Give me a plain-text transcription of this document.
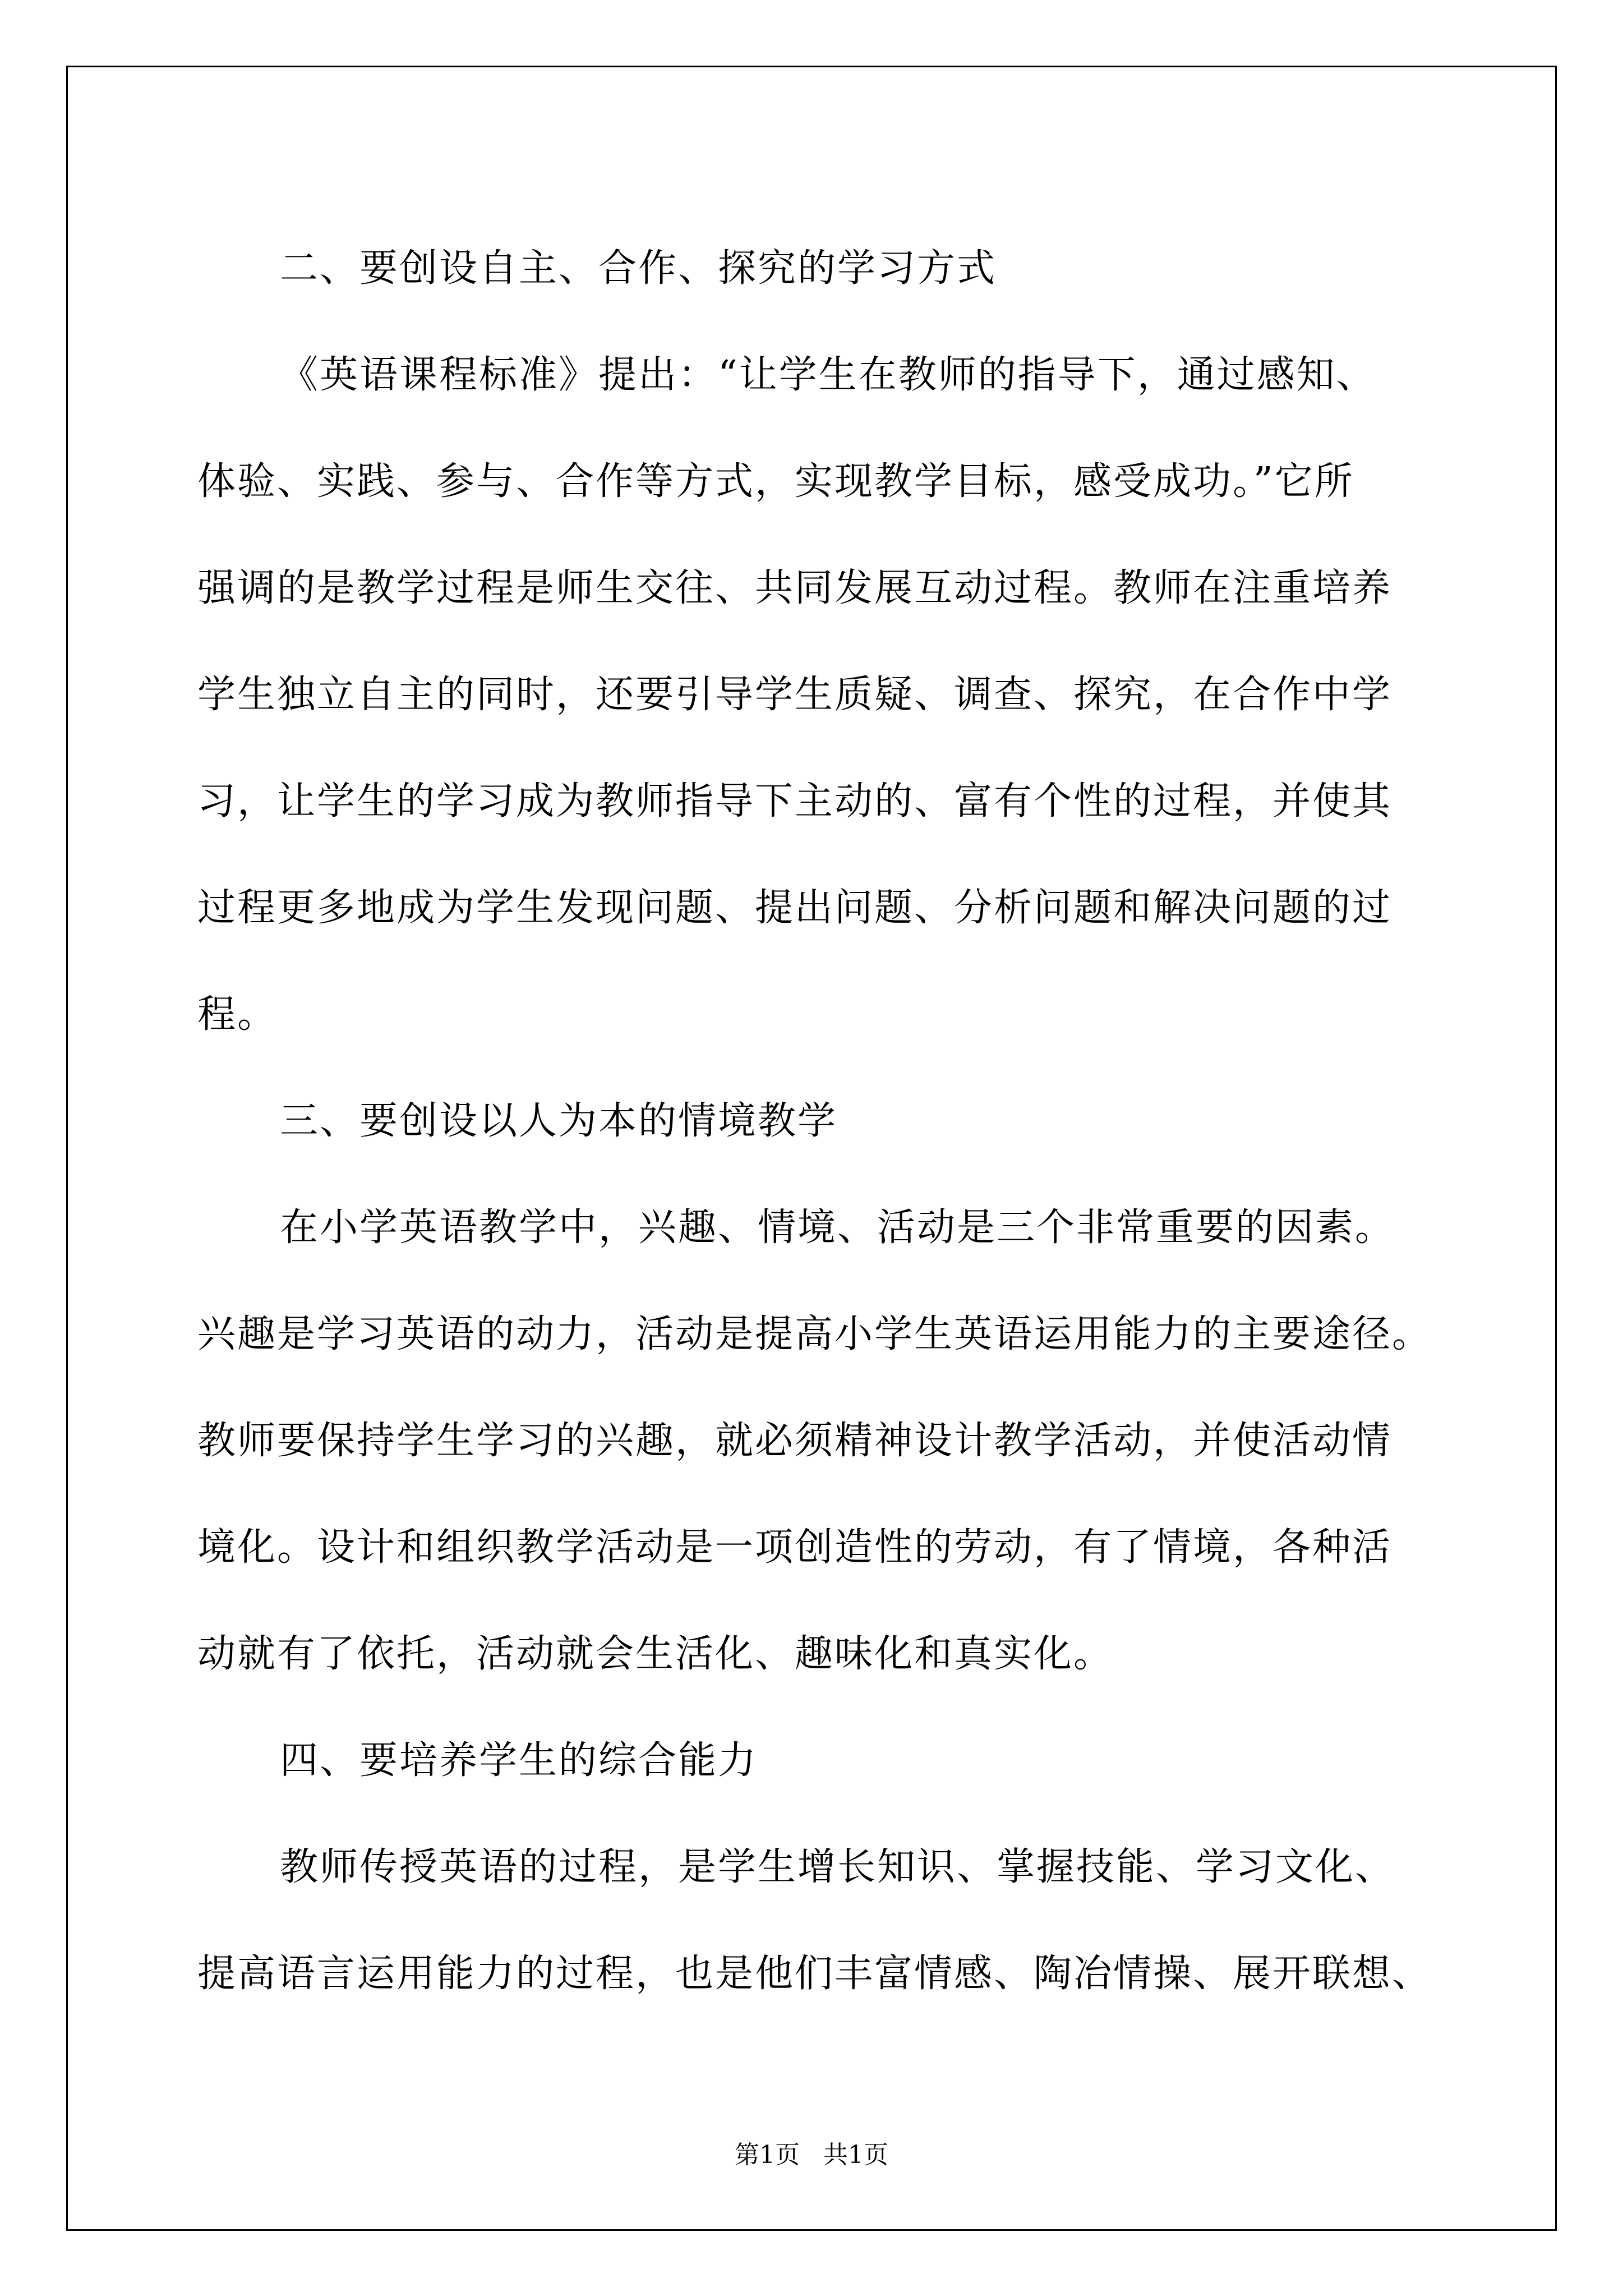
二、要创设自主、合作、探究的学习方式
《英语课程标准》提出：“让学生在教师的指导下，通过感知、
体验、实践、参与、合作等方式，实现教学目标，感受成功。”它所
强调的是教学过程是师生交往、共同发展互动过程。教师在注重培养
学生独立自主的同时，还要引导学生质疑、调查、探究，在合作中学
习，让学生的学习成为教师指导下主动的、富有个性的过程，并使其
过程更多地成为学生发现问题、提出问题、分析问题和解决问题的过
程。
三、要创设以人为本的情境教学
在小学英语教学中，兴趣、情境、活动是三个非常重要的因素。
兴趣是学习英语的动力，活动是提高小学生英语运用能力的主要途径。
教师要保持学生学习的兴趣，就必须精神设计教学活动，并使活动情
境化。设计和组织教学活动是一项创造性的劳动，有了情境，各种活
动就有了依托，活动就会生活化、趣味化和真实化。
四、要培养学生的综合能力
教师传授英语的过程，是学生增长知识、掌握技能、学习文化、
提高语言运用能力的过程，也是他们丰富情感、陶冶情操、展开联想、
第1页   共1页
